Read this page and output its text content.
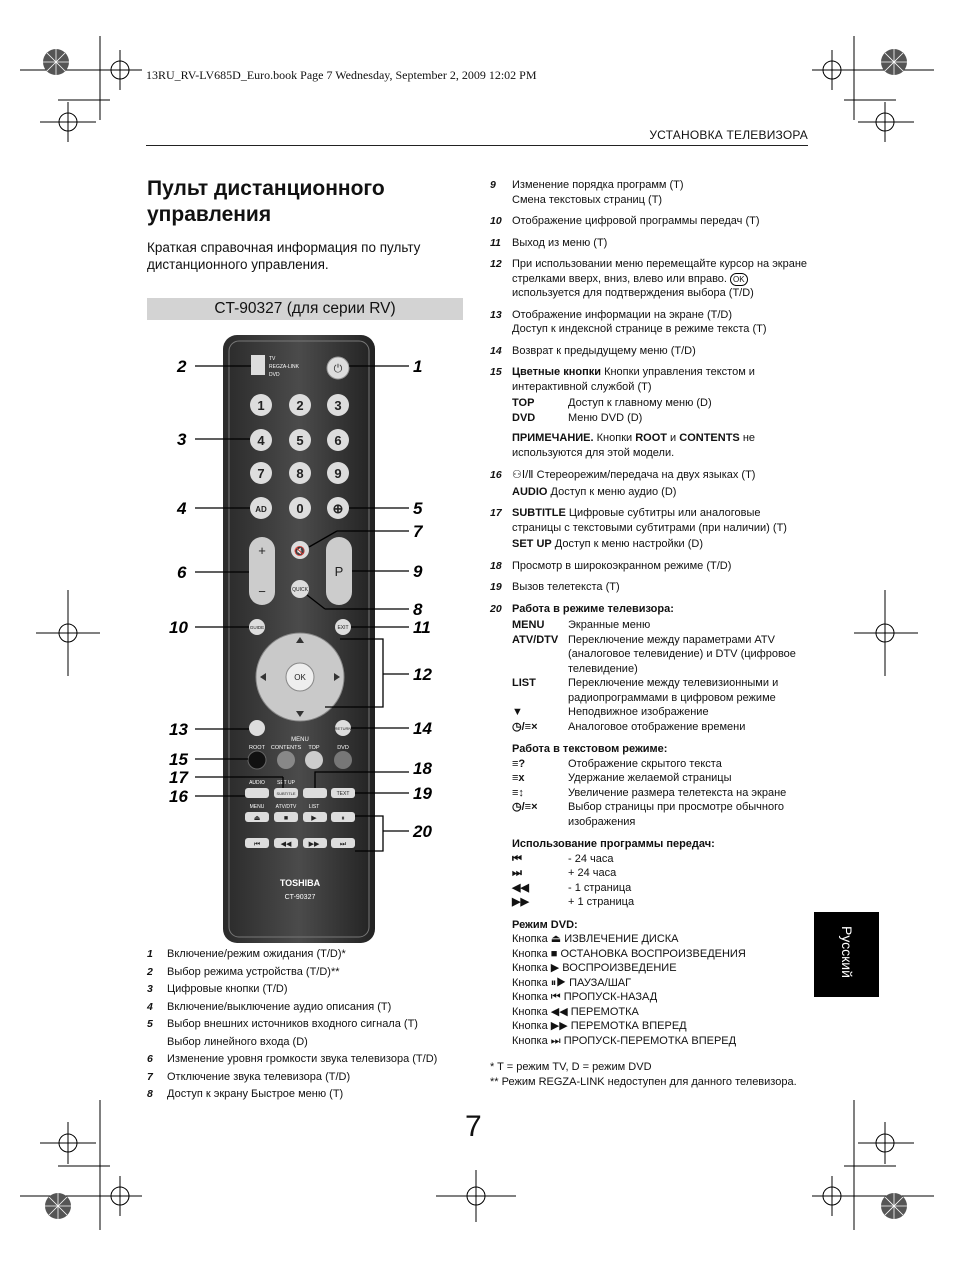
13RU_RV-LV685D_Euro.book Page 7 Wednesday, September 2, 2009 12:02 PM
УСТАНОВКА ТЕЛЕВИЗОРА
Пульт дистанционного управления
Краткая справочная информация по пульту дистанционного управления.
CT-90327 (для серии RV)
TV
REGZA-LINK
DVD	⏻
1 2 3
4 5 6
7 8 9
AD 0 ⊕
+
−
🔇
QUICK
P
GUIDE	EXIT
OK
RETURN
MENU
ROOT CONTENTS TOP	DVD
AUDIO SET UP
SUBTITLE	TEXT
MENU ATV/DTV LIST
⏏	■	▶	⏸
⏮	◀◀ ▶▶	⏭
TOSHIBA
CT-90327
2
3
4
6
10
13
15
17
16
1
5
7
9
8
11
12
14
18
19
20
1	Включение/режим ожидания (T/D)*
2	Выбор режима устройства (T/D)**
3	Цифровые кнопки (T/D)
4	Включение/выключение аудио описания (T)
5	Выбор внешних источников входного сигнала (T)
Выбор линейного входа (D)
6	Изменение уровня громкости звука телевизора (T/D)
7	Отключение звука телевизора (T/D)
8	Доступ к экрану Быстрое меню (T)
9	Изменение порядка программ (T)
Смена текстовых страниц (T)
10 Отображение цифровой программы передач (T)
11	Выход из меню (T)
12 При использовании меню перемещайте курсор на экране стрелками вверх, вниз, влево или вправо. OK используется для подтверждения выбора (T/D)
13 Отображение информации на экране (T/D)
Доступ к индексной странице в режиме текста (T)
14 Возврат к предыдущему меню (T/D)
15 Цветные кнопки Кнопки управления текстом и интерактивной службой (T)
TOP	Доступ к главному меню (D)
DVD	Меню DVD (D)
ПРИМЕЧАНИЕ. Кнопки ROOT и CONTENTS не используются для этой модели.
16 ⚇Ⅰ/Ⅱ Стереорежим/передача на двух языках (T)
AUDIO Доступ к меню аудио (D)
17 SUBTITLE Цифровые субтитры или аналоговые страницы с текстовыми субтитрами (при наличии) (T)
SET UP Доступ к меню настройки (D)
18 Просмотр в широкоэкранном режиме (T/D)
19 Вызов телетекста (T)
20 Работа в режиме телевизора:
MENU	Экранные меню
ATV/DTV Переключение между параметрами ATV (аналоговое телевидение) и DTV (цифровое телевидение)
LIST	Переключение между телевизионными и радиопрограммами в цифровом режиме
▼	Неподвижное изображение
◷/≡×	Аналоговое отображение времени
Работа в текстовом режиме:
≡?	Отображение скрытого текста
≡x	Удержание желаемой страницы
≡↕	Увеличение размера телетекста на экране
◷/≡×	Выбор страницы при просмотре обычного изображения
Использование программы передач:
⏮	- 24 часа
⏭	+ 24 часа
◀◀	- 1 страница
▶▶	+ 1 страница
Режим DVD:
Кнопка ⏏ ИЗВЛЕЧЕНИЕ ДИСКА
Кнопка ■ ОСТАНОВКА ВОСПРОИЗВЕДЕНИЯ
Кнопка ▶ ВОСПРОИЗВЕДЕНИЕ
Кнопка ⏸▶ ПАУЗА/ШАГ
Кнопка ⏮ ПРОПУСК-НАЗАД
Кнопка ◀◀ ПЕРЕМОТКА
Кнопка ▶▶ ПЕРЕМОТКА ВПЕРЕД
Кнопка ⏭ ПРОПУСК-ПЕРЕМОТКА ВПЕРЕД
* T = режим TV, D = режим DVD
** Режим REGZA-LINK недоступен для данного телевизора.
Русский
7
